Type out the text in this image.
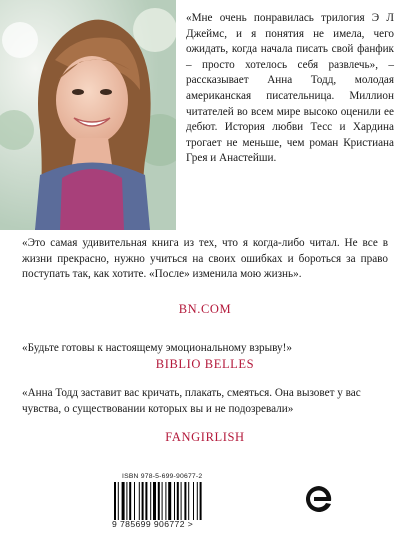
«Мне очень понравилась трилогия Э Л Джеймс, и я понятия не имела, чего ожидать, когда начала писать свой фанфик – просто хотелось себя развлечь», – рассказывает Анна Тодд, молодая американская писательница. Миллион читателей во всем мире высоко оценили ее дебют. История любви Тесс и Хардина трогает не меньше, чем роман Кристиана Грея и Анастейши.
«Это самая удивительная книга из тех, что я когда-либо читал. Не все в жизни прекрасно, нужно учиться на своих ошибках и бороться за право поступать так, как хотите. «После» изменила мою жизнь».
BN.COM
«Будьте готовы к настоящему эмоциональному взрыву!»
BIBLIO BELLES
«Анна Тодд заставит вас кричать, плакать, смеяться. Она вызовет у вас чувства, о существовании которых вы и не подозревали»
FANGIRLISH
ISBN 978-5-699-90677-2
9 785699 906772 >
